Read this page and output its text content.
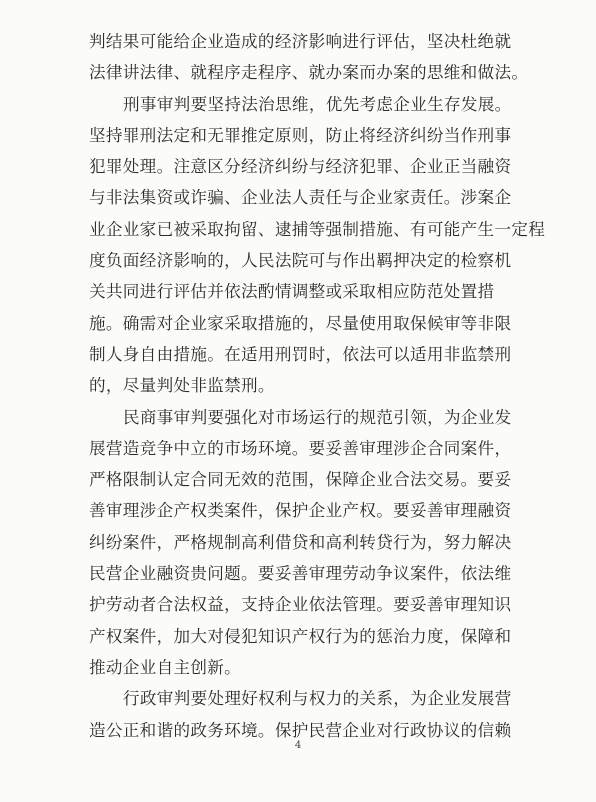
判结果可能给企业造成的经济影响进行评估，坚决杜绝就
法律讲法律、就程序走程序、就办案而办案的思维和做法。
刑事审判要坚持法治思维，优先考虑企业生存发展。
坚持罪刑法定和无罪推定原则，防止将经济纠纷当作刑事
犯罪处理。注意区分经济纠纷与经济犯罪、企业正当融资
与非法集资或诈骗、企业法人责任与企业家责任。涉案企
业企业家已被采取拘留、逮捕等强制措施、有可能产生一定程
度负面经济影响的，人民法院可与作出羁押决定的检察机
关共同进行评估并依法酌情调整或采取相应防范处置措
施。确需对企业家采取措施的，尽量使用取保候审等非限
制人身自由措施。在适用刑罚时，依法可以适用非监禁刑
的，尽量判处非监禁刑。
民商事审判要强化对市场运行的规范引领，为企业发
展营造竞争中立的市场环境。要妥善审理涉企合同案件，
严格限制认定合同无效的范围，保障企业合法交易。要妥
善审理涉企产权类案件，保护企业产权。要妥善审理融资
纠纷案件，严格规制高利借贷和高利转贷行为，努力解决
民营企业融资贵问题。要妥善审理劳动争议案件，依法维
护劳动者合法权益，支持企业依法管理。要妥善审理知识
产权案件，加大对侵犯知识产权行为的惩治力度，保障和
推动企业自主创新。
行政审判要处理好权利与权力的关系，为企业发展营
造公正和谐的政务环境。保护民营企业对行政协议的信赖
4
